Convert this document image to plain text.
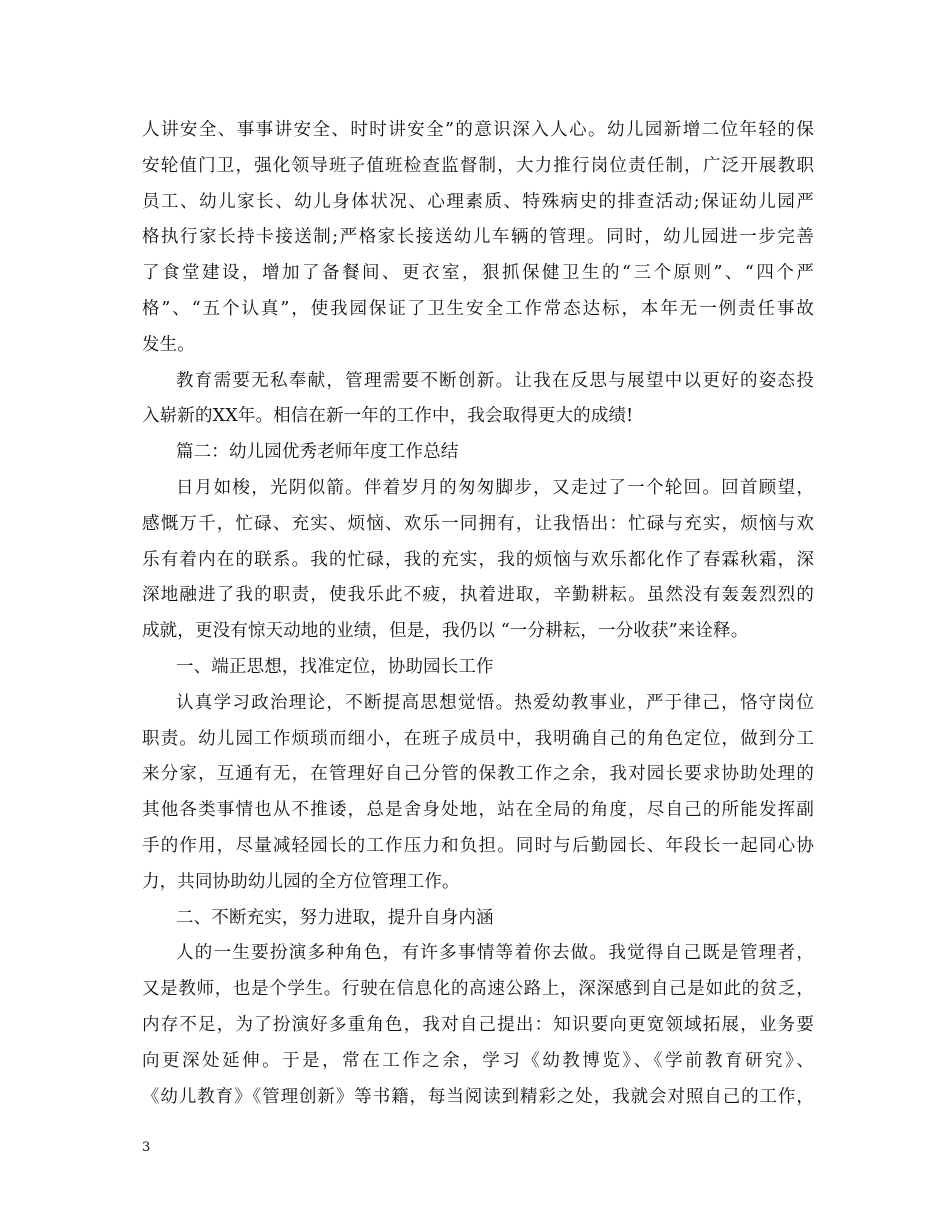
人讲安全、事事讲安全、时时讲安全”的意识深入人心。幼儿园新增二位年轻的保
安轮值门卫，强化领导班子值班检查监督制，大力推行岗位责任制，广泛开展教职
员工、幼儿家长、幼儿身体状况、心理素质、特殊病史的排查活动;保证幼儿园严
格执行家长持卡接送制;严格家长接送幼儿车辆的管理。同时，幼儿园进一步完善
了食堂建设，增加了备餐间、更衣室，狠抓保健卫生的“三个原则”、“四个严
格”、“五个认真”，使我园保证了卫生安全工作常态达标，本年无一例责任事故
发生。
教育需要无私奉献，管理需要不断创新。让我在反思与展望中以更好的姿态投
入崭新的XX年。相信在新一年的工作中，我会取得更大的成绩!
篇二：幼儿园优秀老师年度工作总结
日月如梭，光阴似箭。伴着岁月的匆匆脚步，又走过了一个轮回。回首顾望，
感慨万千，忙碌、充实、烦恼、欢乐一同拥有，让我悟出：忙碌与充实，烦恼与欢
乐有着内在的联系。我的忙碌，我的充实，我的烦恼与欢乐都化作了春霖秋霜，深
深地融进了我的职责，使我乐此不疲，执着进取，辛勤耕耘。虽然没有轰轰烈烈的
成就，更没有惊天动地的业绩，但是，我仍以 “一分耕耘，一分收获”来诠释。
一、端正思想，找准定位，协助园长工作
认真学习政治理论，不断提高思想觉悟。热爱幼教事业，严于律己，恪守岗位
职责。幼儿园工作烦琐而细小，在班子成员中，我明确自己的角色定位，做到分工
来分家，互通有无，在管理好自己分管的保教工作之余，我对园长要求协助处理的
其他各类事情也从不推诿，总是舍身处地，站在全局的角度，尽自己的所能发挥副
手的作用，尽量减轻园长的工作压力和负担。同时与后勤园长、年段长一起同心协
力，共同协助幼儿园的全方位管理工作。
二、不断充实，努力进取，提升自身内涵
人的一生要扮演多种角色，有许多事情等着你去做。我觉得自己既是管理者，
又是教师，也是个学生。行驶在信息化的高速公路上，深深感到自己是如此的贫乏，
内存不足，为了扮演好多重角色，我对自己提出：知识要向更宽领域拓展，业务要
向更深处延伸。于是，常在工作之余，学习《幼教博览》、《学前教育研究》、
《幼儿教育》《管理创新》等书籍，每当阅读到精彩之处，我就会对照自己的工作，
3
